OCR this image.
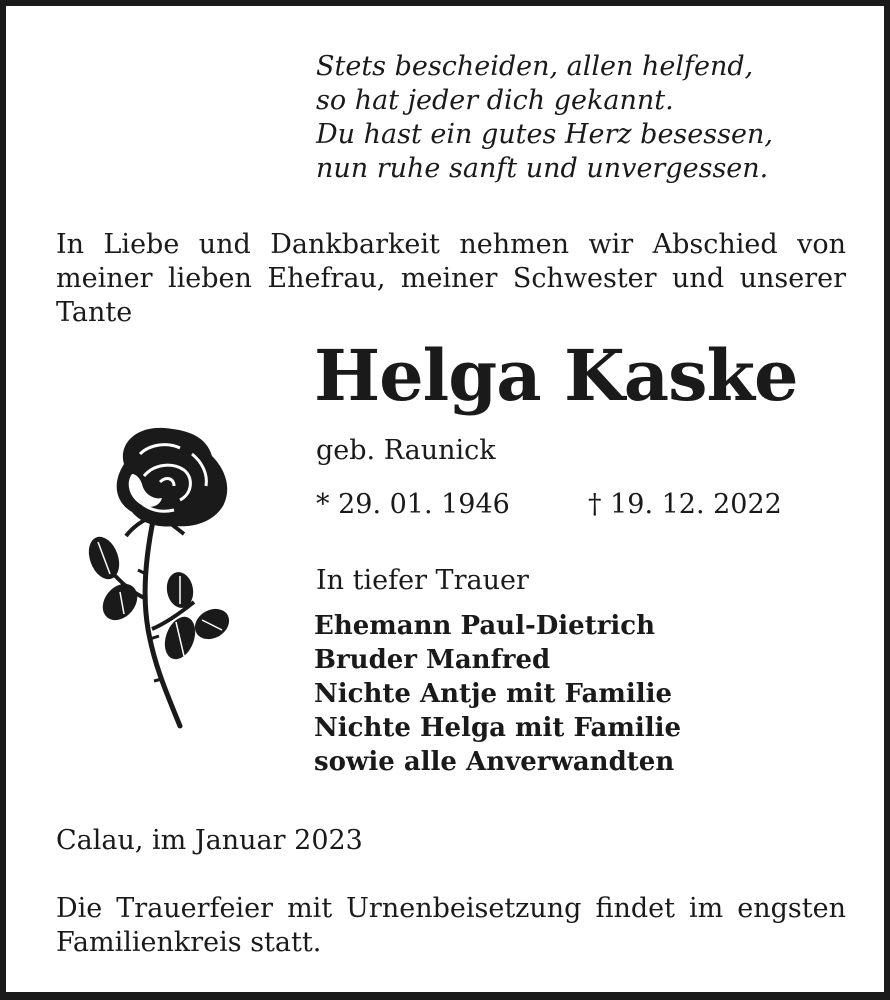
Stets bescheiden, allen helfend,
so hat jeder dich gekannt.
Du hast ein gutes Herz besessen,
nun ruhe sanft und unvergessen.
In Liebe und Dankbarkeit nehmen wir Abschied von meiner lieben Ehefrau, meiner Schwester und unserer Tante
Helga Kaske
geb. Raunick
* 29. 01. 1946	† 19. 12. 2022
In tiefer Trauer
Ehemann Paul-Dietrich
Bruder Manfred
Nichte Antje mit Familie
Nichte Helga mit Familie
sowie alle Anverwandten
Calau, im Januar 2023
Die Trauerfeier mit Urnenbeisetzung findet im engsten Familienkreis statt.
